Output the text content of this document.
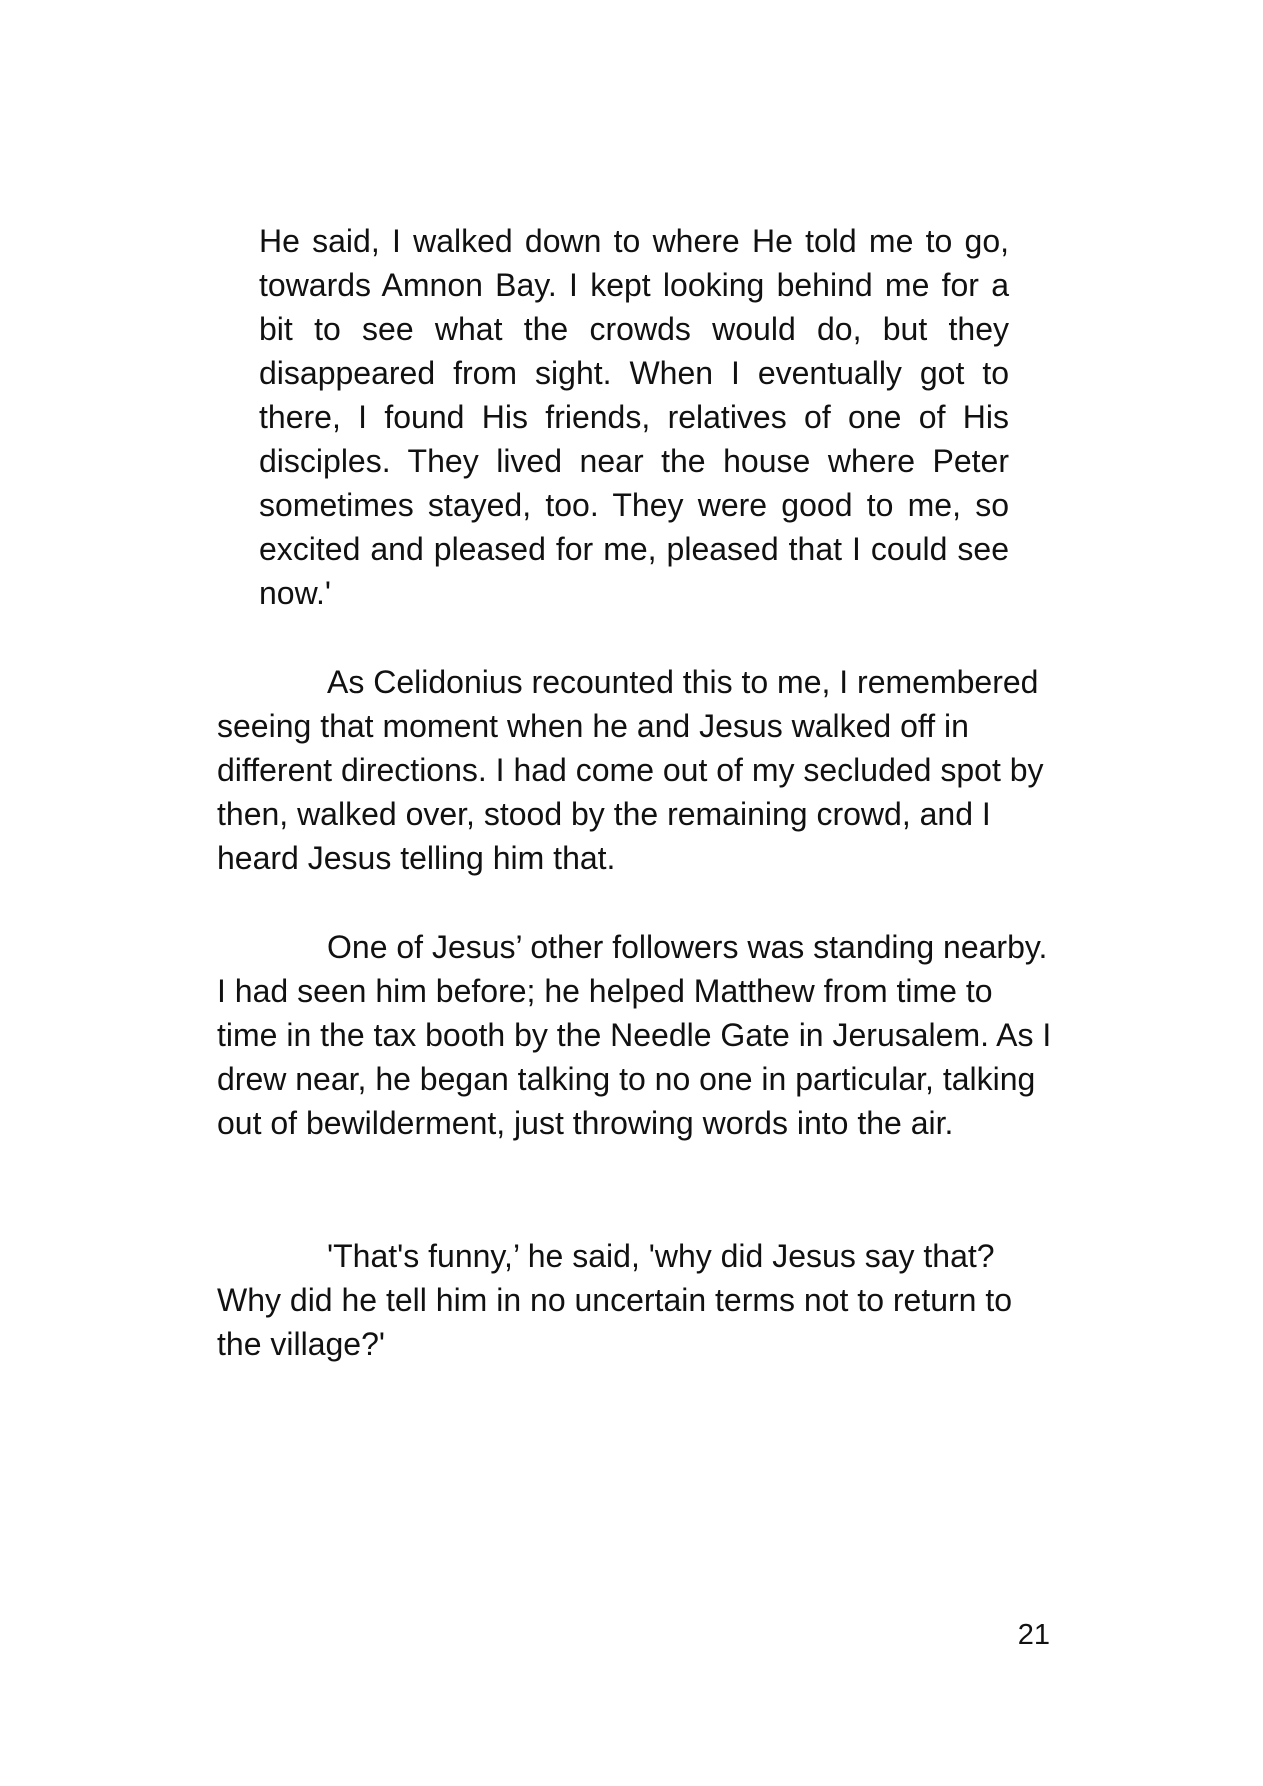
He said, I walked down to where He told me to go, towards Amnon Bay. I kept looking behind me for a bit to see what the crowds would do, but they disappeared from sight. When I eventually got to there, I found His friends, relatives of one of His disciples. They lived near the house where Peter sometimes stayed, too. They were good to me, so excited and pleased for me, pleased that I could see now.'

As Celidonius recounted this to me, I remembered seeing that moment when he and Jesus walked off in different directions. I had come out of my secluded spot by then, walked over, stood by the remaining crowd, and I heard Jesus telling him that.

One of Jesus’ other followers was standing nearby. I had seen him before; he helped Matthew from time to time in the tax booth by the Needle Gate in Jerusalem. As I drew near, he began talking to no one in particular, talking out of bewilderment, just throwing words into the air.

'That's funny,’ he said, 'why did Jesus say that? Why did he tell him in no uncertain terms not to return to the village?'

21
